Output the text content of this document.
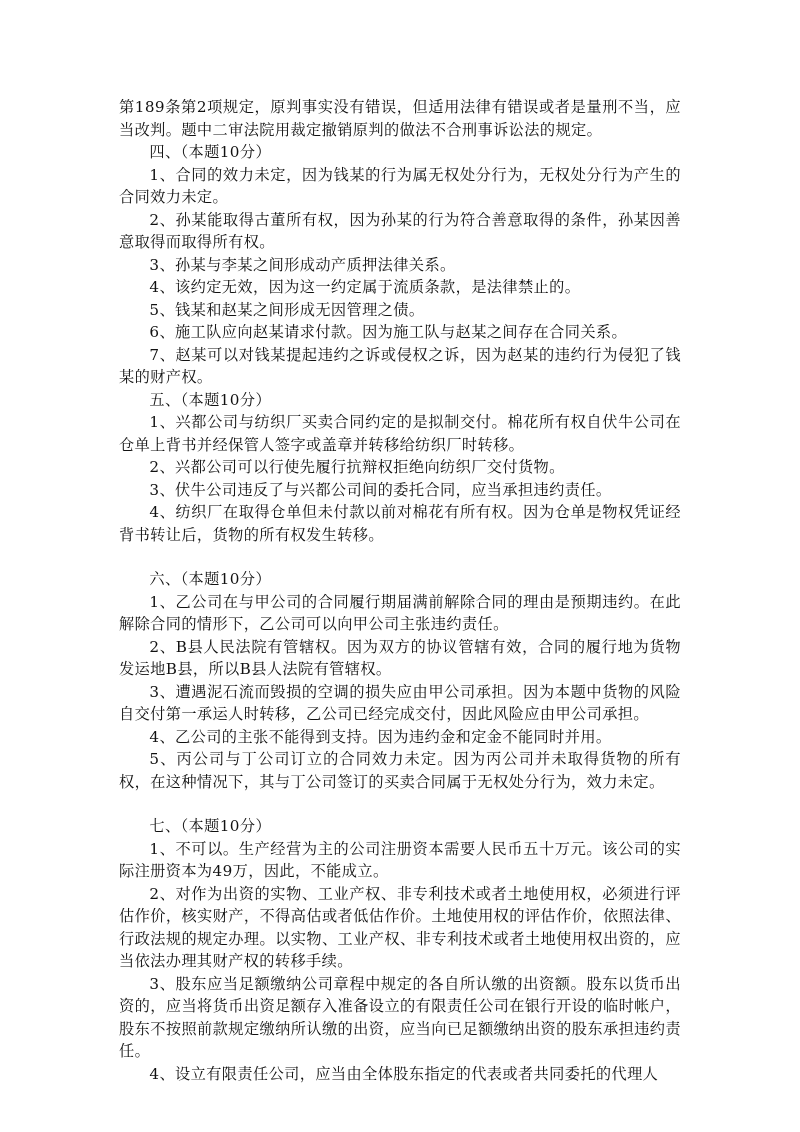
第189条第2项规定，原判事实没有错误，但适用法律有错误或者是量刑不当，应当改判。题中二审法院用裁定撤销原判的做法不合刑事诉讼法的规定。

四、（本题10分）

1、合同的效力未定，因为钱某的行为属无权处分行为，无权处分行为产生的合同效力未定。

2、孙某能取得古董所有权，因为孙某的行为符合善意取得的条件，孙某因善意取得而取得所有权。

3、孙某与李某之间形成动产质押法律关系。

4、该约定无效，因为这一约定属于流质条款，是法律禁止的。

5、钱某和赵某之间形成无因管理之债。

6、施工队应向赵某请求付款。因为施工队与赵某之间存在合同关系。

7、赵某可以对钱某提起违约之诉或侵权之诉，因为赵某的违约行为侵犯了钱某的财产权。

五、（本题10分）

1、兴都公司与纺织厂买卖合同约定的是拟制交付。棉花所有权自伏牛公司在仓单上背书并经保管人签字或盖章并转移给纺织厂时转移。

2、兴都公司可以行使先履行抗辩权拒绝向纺织厂交付货物。

3、伏牛公司违反了与兴都公司间的委托合同，应当承担违约责任。

4、纺织厂在取得仓单但未付款以前对棉花有所有权。因为仓单是物权凭证经背书转让后，货物的所有权发生转移。

六、（本题10分）

1、乙公司在与甲公司的合同履行期届满前解除合同的理由是预期违约。在此解除合同的情形下，乙公司可以向甲公司主张违约责任。

2、B县人民法院有管辖权。因为双方的协议管辖有效，合同的履行地为货物发运地B县，所以B县人法院有管辖权。

3、遭遇泥石流而毁损的空调的损失应由甲公司承担。因为本题中货物的风险自交付第一承运人时转移，乙公司已经完成交付，因此风险应由甲公司承担。

4、乙公司的主张不能得到支持。因为违约金和定金不能同时并用。

5、丙公司与丁公司订立的合同效力未定。因为丙公司并未取得货物的所有权，在这种情况下，其与丁公司签订的买卖合同属于无权处分行为，效力未定。

七、（本题10分）

1、不可以。生产经营为主的公司注册资本需要人民币五十万元。该公司的实际注册资本为49万，因此，不能成立。

2、对作为出资的实物、工业产权、非专利技术或者土地使用权，必须进行评估作价，核实财产，不得高估或者低估作价。土地使用权的评估作价，依照法律、行政法规的规定办理。以实物、工业产权、非专利技术或者土地使用权出资的，应当依法办理其财产权的转移手续。

3、股东应当足额缴纳公司章程中规定的各自所认缴的出资额。股东以货币出资的，应当将货币出资足额存入准备设立的有限责任公司在银行开设的临时帐户，股东不按照前款规定缴纳所认缴的出资，应当向已足额缴纳出资的股东承担违约责任。

4、设立有限责任公司，应当由全体股东指定的代表或者共同委托的代理人
